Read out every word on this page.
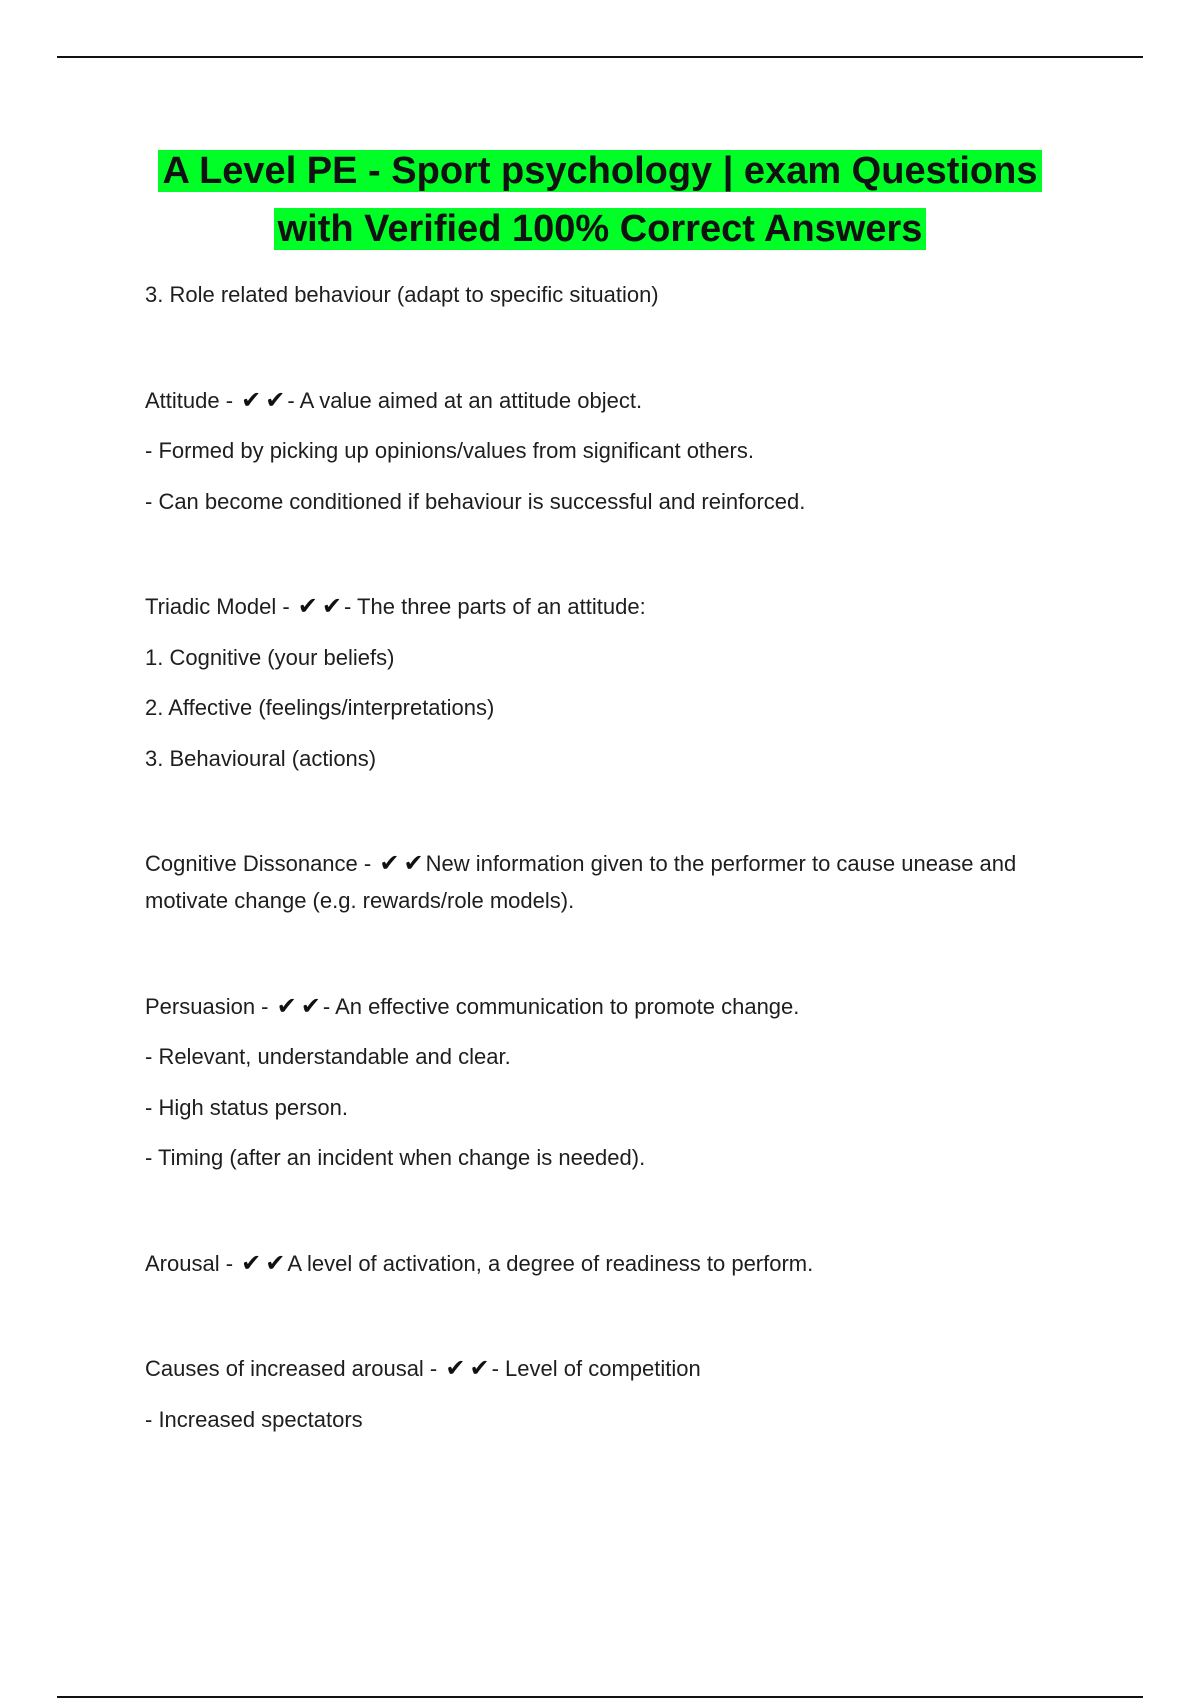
A Level PE - Sport psychology | exam Questions
with Verified 100% Correct Answers
3. Role related behaviour (adapt to specific situation)
Attitude - ✔ ✔- A value aimed at an attitude object.
- Formed by picking up opinions/values from significant others.
- Can become conditioned if behaviour is successful and reinforced.
Triadic Model - ✔ ✔- The three parts of an attitude:
1. Cognitive (your beliefs)
2. Affective (feelings/interpretations)
3. Behavioural (actions)
Cognitive Dissonance - ✔ ✔New information given to the performer to cause unease and motivate change (e.g. rewards/role models).
Persuasion - ✔ ✔- An effective communication to promote change.
- Relevant, understandable and clear.
- High status person.
- Timing (after an incident when change is needed).
Arousal - ✔ ✔A level of activation, a degree of readiness to perform.
Causes of increased arousal - ✔ ✔- Level of competition
- Increased spectators
